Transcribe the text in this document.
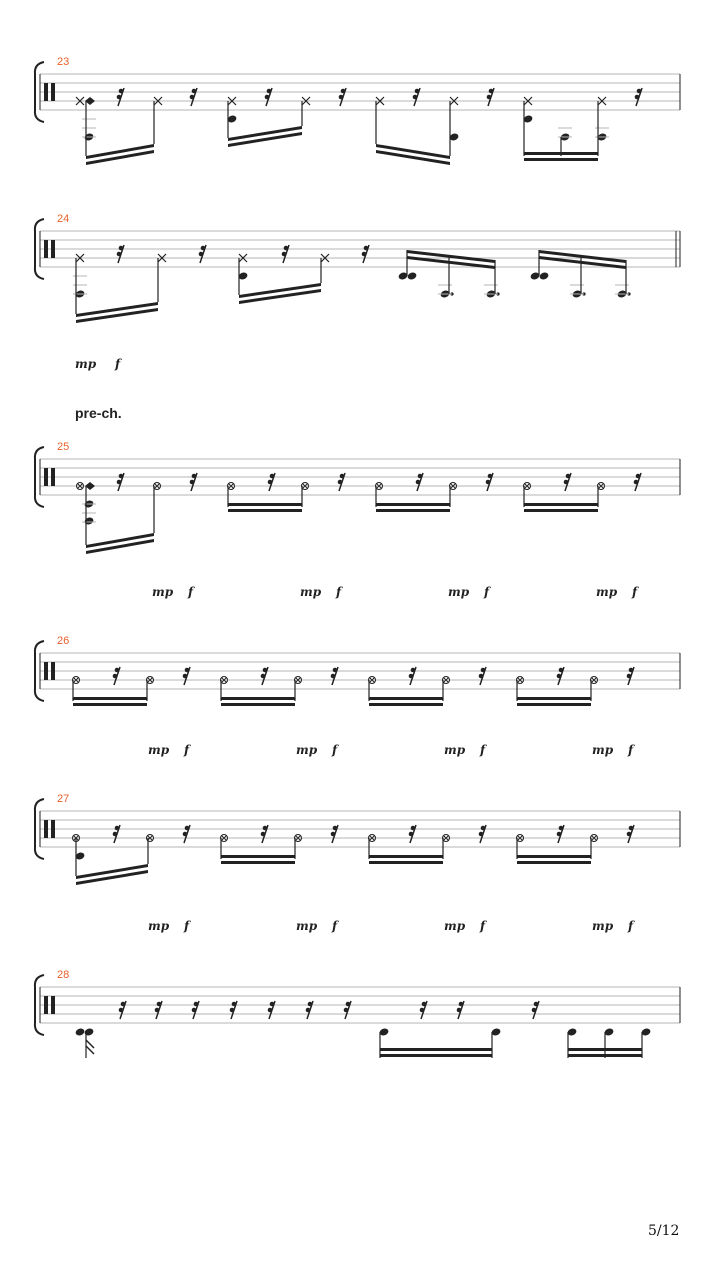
23
24
25
26
27
28
pre-ch.
mp f
mp f	mp f	mp f	mp f
mp f	mp f	mp f	mp f
mp f	mp f	mp f	mp f
5/12
